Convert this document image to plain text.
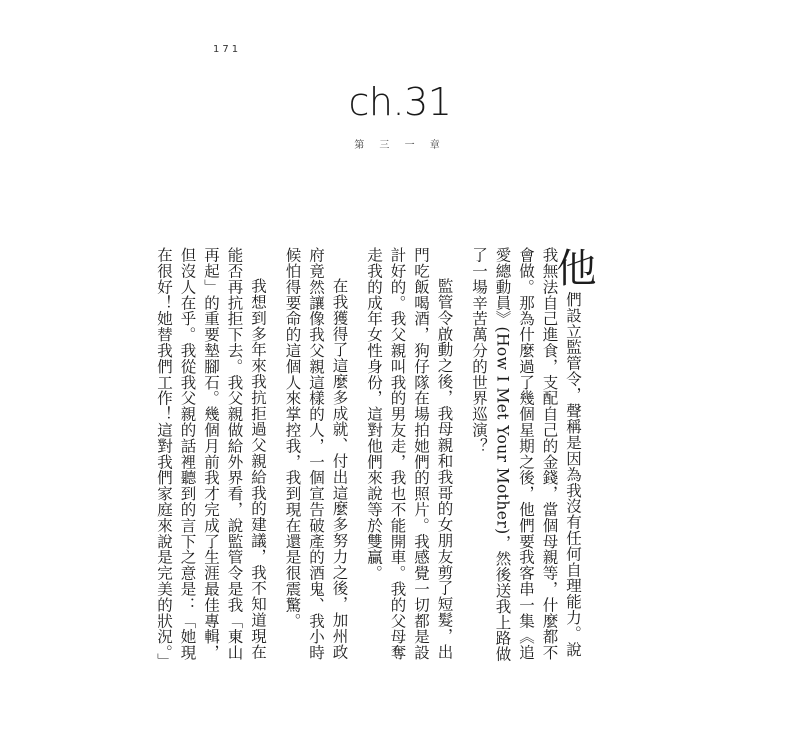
171
ch.31
第 三 一 章

他們設立監管令，聲稱是因為我沒有任何自理能力。說我無法自己進食，支配自己的金錢，當個母親等，什麼都不會做。那為什麼過了幾個星期之後，他們要我客串一集《追愛總動員》(How I Met Your Mother)，然後送我上路做了一場辛苦萬分的世界巡演？

監管令啟動之後，我母親和我哥的女朋友剪了短髮，出門吃飯喝酒，狗仔隊在場拍她們的照片。我感覺一切都是設計好的。我父親叫我的男友走，我也不能開車。我的父母奪走我的成年女性身份，這對他們來說等於雙贏。

在我獲得了這麼多成就、付出這麼多努力之後，加州政府竟然讓像我父親這樣的人，一個宣告破產的酒鬼、我小時候怕得要命的這個人來掌控我，我到現在還是很震驚。

我想到多年來我抗拒過父親給我的建議，我不知道現在能否再抗拒下去。我父親做給外界看，說監管令是我「東山再起」的重要墊腳石。幾個月前我才完成了生涯最佳專輯，但沒人在乎。我從我父親的話裡聽到的言下之意是：「她現在很好！她替我們工作！這對我們家庭來說是完美的狀況。」
